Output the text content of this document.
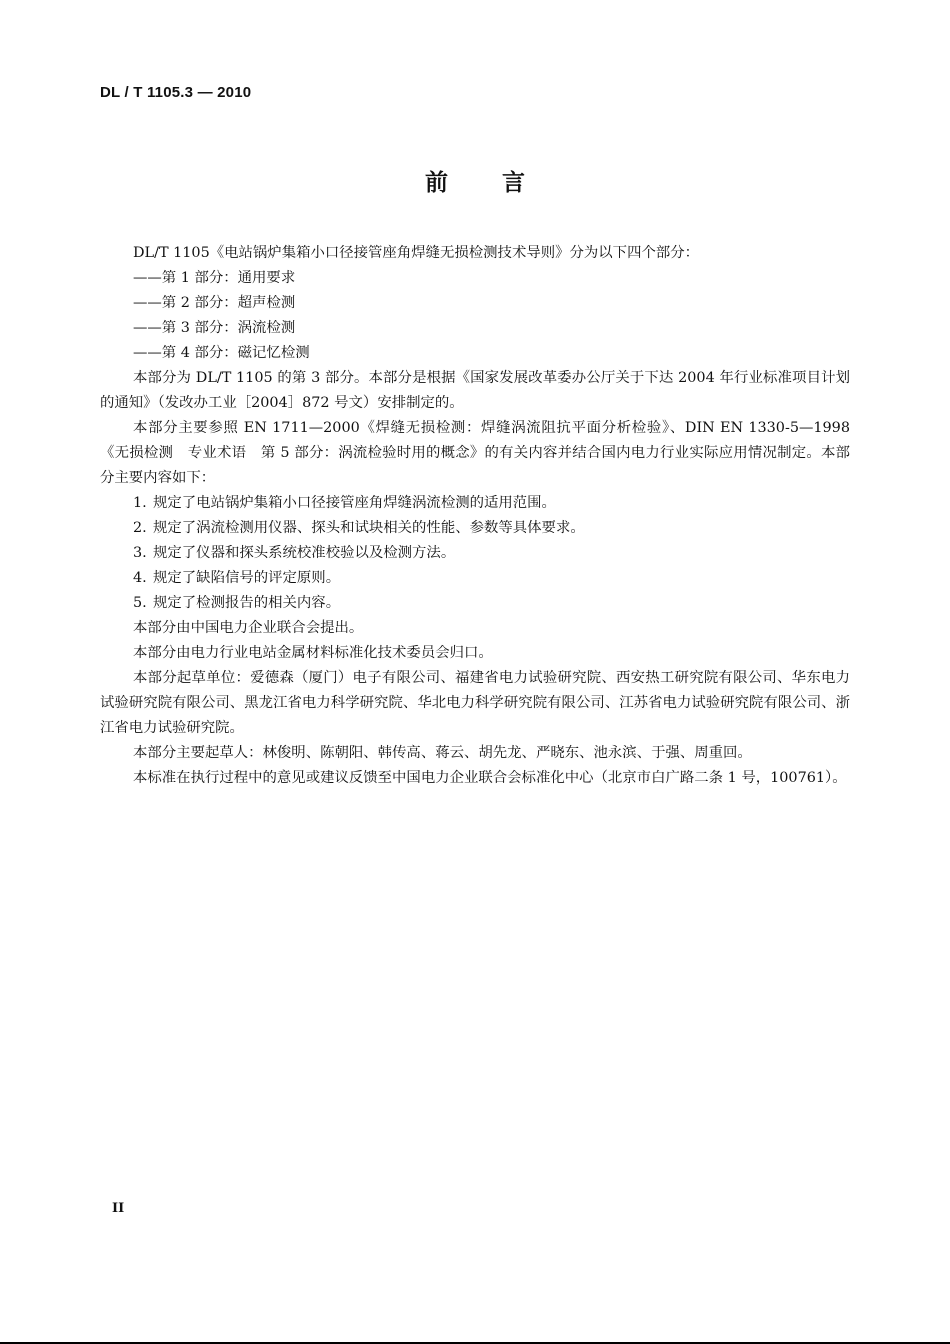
DL / T 1105.3 — 2010
前言

DL/T 1105《电站锅炉集箱小口径接管座角焊缝无损检测技术导则》分为以下四个部分：

——第 1 部分：通用要求

——第 2 部分：超声检测

——第 3 部分：涡流检测

——第 4 部分：磁记忆检测

本部分为 DL/T 1105 的第 3 部分。本部分是根据《国家发展改革委办公厅关于下达 2004 年行业标准项目计划的通知》（发改办工业［2004］872 号文）安排制定的。

本部分主要参照 EN 1711—2000《焊缝无损检测：焊缝涡流阻抗平面分析检验》、DIN EN 1330-5—1998《无损检测　专业术语　第 5 部分：涡流检验时用的概念》的有关内容并结合国内电力行业实际应用情况制定。本部分主要内容如下：

1. 规定了电站锅炉集箱小口径接管座角焊缝涡流检测的适用范围。

2. 规定了涡流检测用仪器、探头和试块相关的性能、参数等具体要求。

3. 规定了仪器和探头系统校准校验以及检测方法。

4. 规定了缺陷信号的评定原则。

5. 规定了检测报告的相关内容。

本部分由中国电力企业联合会提出。

本部分由电力行业电站金属材料标准化技术委员会归口。

本部分起草单位：爱德森（厦门）电子有限公司、福建省电力试验研究院、西安热工研究院有限公司、华东电力试验研究院有限公司、黑龙江省电力科学研究院、华北电力科学研究院有限公司、江苏省电力试验研究院有限公司、浙江省电力试验研究院。

本部分主要起草人：林俊明、陈朝阳、韩传高、蒋云、胡先龙、严晓东、池永滨、于强、周重回。

本标准在执行过程中的意见或建议反馈至中国电力企业联合会标准化中心（北京市白广路二条 1 号，100761）。

II
